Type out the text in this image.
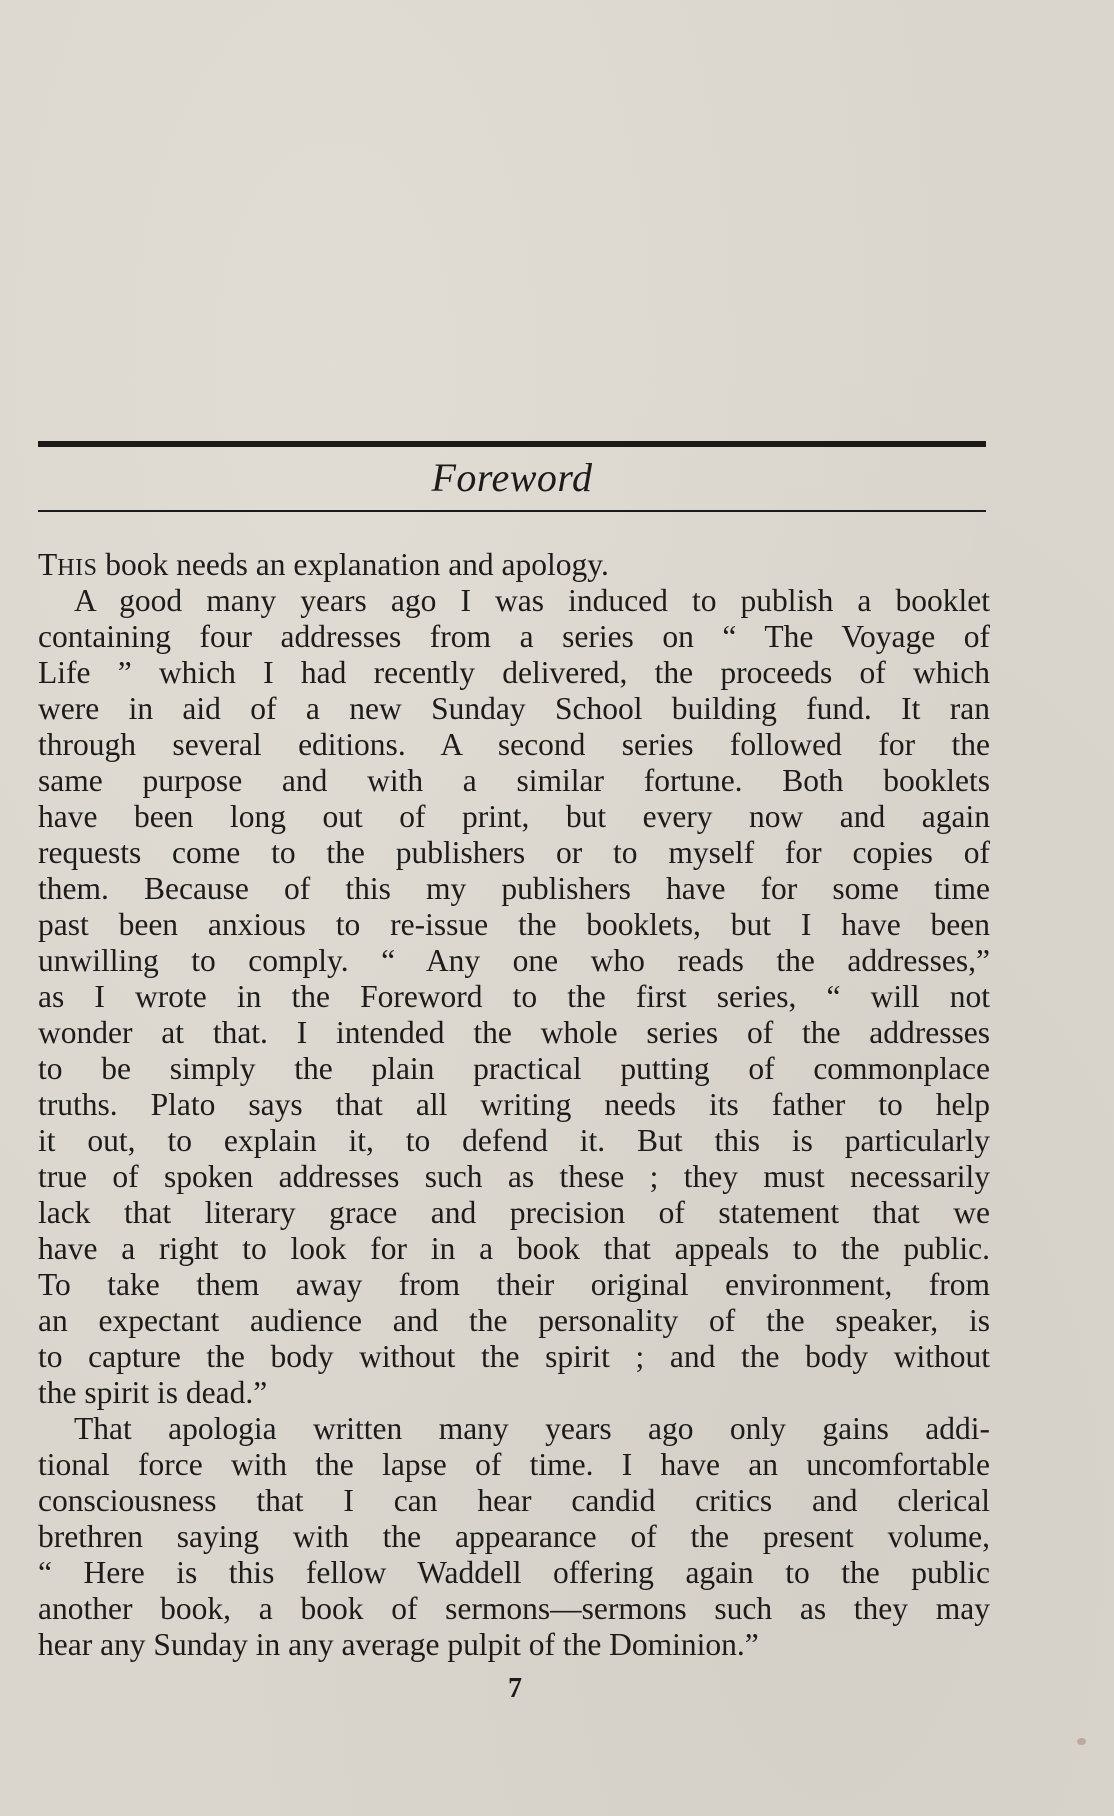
Foreword
THIS book needs an explanation and apology.
A good many years ago I was induced to publish a booklet
containing four addresses from a series on “ The Voyage of
Life ” which I had recently delivered, the proceeds of which
were in aid of a new Sunday School building fund. It ran
through several editions. A second series followed for the
same purpose and with a similar fortune. Both booklets
have been long out of print, but every now and again
requests come to the publishers or to myself for copies of
them. Because of this my publishers have for some time
past been anxious to re-issue the booklets, but I have been
unwilling to comply. “ Any one who reads the addresses,”
as I wrote in the Foreword to the first series, “ will not
wonder at that. I intended the whole series of the addresses
to be simply the plain practical putting of commonplace
truths. Plato says that all writing needs its father to help
it out, to explain it, to defend it. But this is particularly
true of spoken addresses such as these ; they must necessarily
lack that literary grace and precision of statement that we
have a right to look for in a book that appeals to the public.
To take them away from their original environment, from
an expectant audience and the personality of the speaker, is
to capture the body without the spirit ; and the body without
the spirit is dead.”
That apologia written many years ago only gains addi-
tional force with the lapse of time. I have an uncomfortable
consciousness that I can hear candid critics and clerical
brethren saying with the appearance of the present volume,
“ Here is this fellow Waddell offering again to the public
another book, a book of sermons—sermons such as they may
hear any Sunday in any average pulpit of the Dominion.”
7
